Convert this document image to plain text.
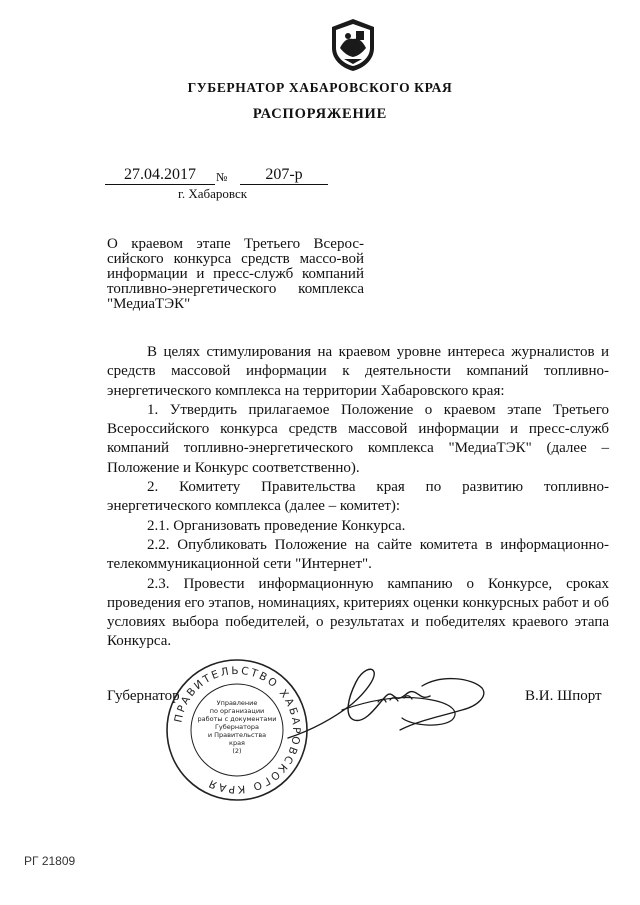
ГУБЕРНАТОР ХАБАРОВСКОГО КРАЯ
РАСПОРЯЖЕНИЕ
27.04.2017	№	207-р
г. Хабаровск
О краевом этапе Третьего Всерос-сийского конкурса средств массо-вой информации и пресс-служб компаний топливно-энергетического комплекса "МедиаТЭК"

В целях стимулирования на краевом уровне интереса журналистов и средств массовой информации к деятельности компаний топливно-энергетического комплекса на территории Хабаровского края:

1. Утвердить прилагаемое Положение о краевом этапе Третьего Всероссийского конкурса средств массовой информации и пресс-служб компаний топливно-энергетического комплекса "МедиаТЭК" (далее – Положение и Конкурс соответственно).

2. Комитету Правительства края по развитию топливно-энергетического комплекса (далее – комитет):

2.1. Организовать проведение Конкурса.

2.2. Опубликовать Положение на сайте комитета в информационно-телекоммуникационной сети "Интернет".

2.3. Провести информационную кампанию о Конкурсе, сроках проведения его этапов, номинациях, критериях оценки конкурсных работ и об условиях выбора победителей, о результатах и победителях краевого этапа Конкурса.

Губернатор	В.И. Шпорт
ПРАВИТЕЛЬСТВО ХАБАРОВСКОГО КРАЯ
Управление
по организации
работы с документами
Губернатора
и Правительства
края
(2)
РГ 21809
